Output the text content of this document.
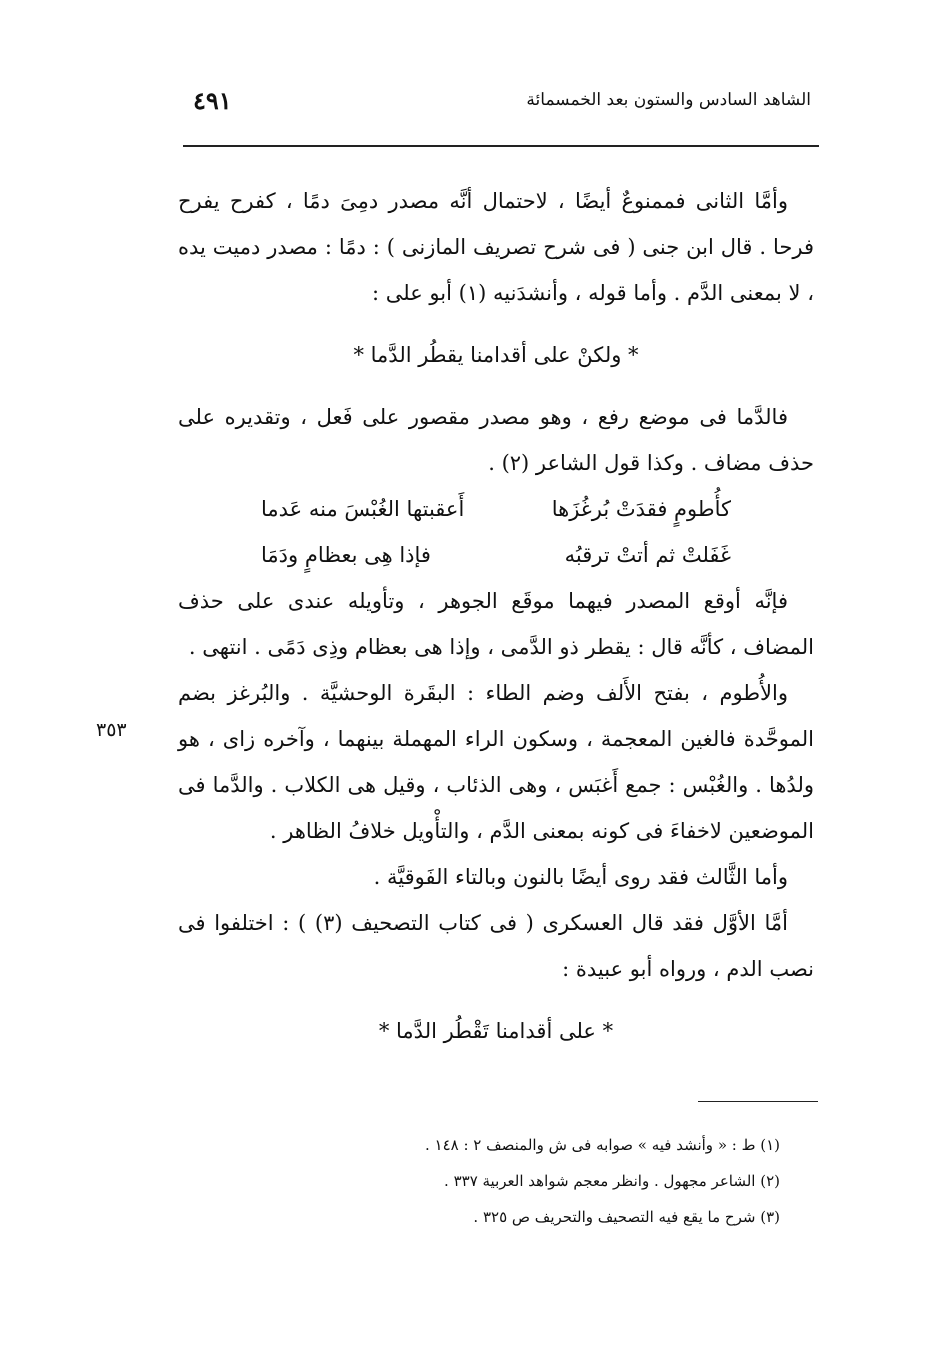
الشاهد السادس والستون بعد الخمسمائة
٤٩١

وأمَّا الثانى فممنوعٌ أيضًا ، لاحتمال أنَّه مصدر دمِىَ دمًا ، كفرح يفرح فرحا . قال ابن جنى ( فى شرح تصريف المازنى ) : دمًا : مصدر دميت يده ، لا بمعنى الدَّم . وأما قوله ، وأنشدَنيه (١) أبو على :

* ولكنْ على أقدامنا يقطُر الدَّما *

فالدَّما فى موضع رفع ، وهو مصدر مقصور على فَعل ، وتقديره على حذف مضاف . وكذا قول الشاعر (٢) .

كأُطومٍ فقدَتْ بُرغُزَها
أَعقبتها الغُبْسَ منه عَدما
غَفَلتْ ثم أتتْ ترقبُه
فإذا هِى بعظامٍ ودَمَا

فإنَّه أوقع المصدر فيهما موقَع الجوهر ، وتأويله عندى على حذف المضاف ، كأنَّه قال : يقطر ذو الدَّمى ، وإذا هى بعظام وذِى دَمًى . انتهى .

والأُطوم ، بفتح الأَلف وضم الطاء : البقَرة الوحشيَّة . والبُرغز بضم الموحَّدة فالغين المعجمة ، وسكون الراء المهملة بينهما ، وآخره زاى ، هو ولدُها . والغُبْس : جمع أَغبَس ، وهى الذئاب ، وقيل هى الكلاب . والدَّما فى الموضعين لاخفاءَ فى كونه بمعنى الدَّم ، والتأْويل خلافُ الظاهر .

وأما الثَّالث فقد روى أيضًا بالنون وبالتاء الفَوقيَّة .

أمَّا الأوَّل فقد قال العسكرى ( فى كتاب التصحيف (٣) ) : اختلفوا فى نصب الدم ، ورواه أبو عبيدة :

* على أقدامنا تَقْطُر الدَّما *

٣٥٣

(١) ط : « وأنشد فيه » صوابه فى ش والمنصف ٢ : ١٤٨ .

(٢) الشاعر مجهول . وانظر معجم شواهد العربية ٣٣٧ .

(٣) شرح ما يقع فيه التصحيف والتحريف ص ٣٢٥ .
